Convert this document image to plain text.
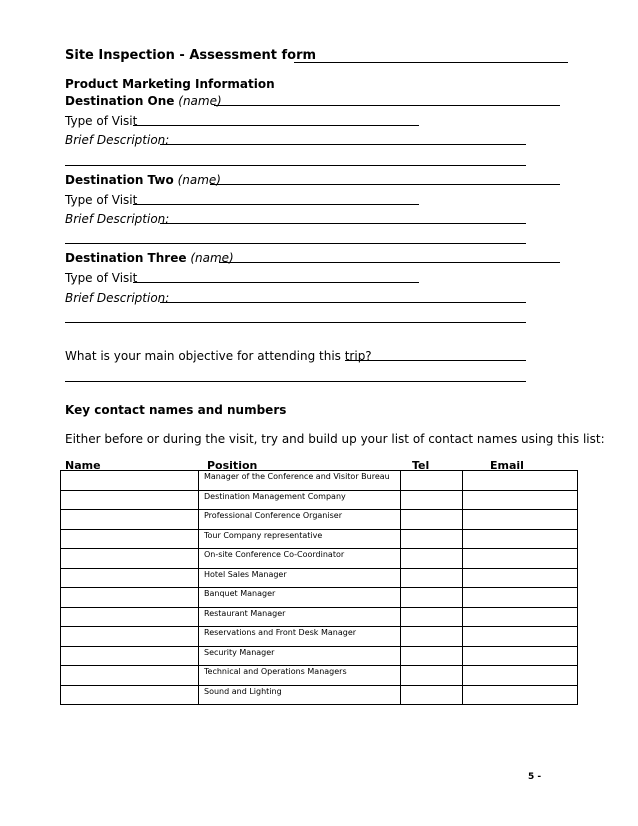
Site Inspection - Assessment form
Product Marketing Information
Destination One (name)
Type of Visit
Brief Description:
Destination Two (name)
Type of Visit
Brief Description:
Destination Three (name)
Type of Visit
Brief Description:
What is your main objective for attending this trip?
Key contact names and numbers
Either before or during the visit, try and build up your list of contact names using this list:
Name	Position	Tel	Email
	Manager of the Conference and Visitor Bureau		
	Destination Management Company		
	Professional Conference Organiser		
	Tour Company representative		
	On-site Conference Co-Coordinator		
	Hotel Sales Manager		
	Banquet Manager		
	Restaurant Manager		
	Reservations and Front Desk Manager		
	Security Manager		
	Technical and Operations Managers		
	Sound and Lighting		
5 -
